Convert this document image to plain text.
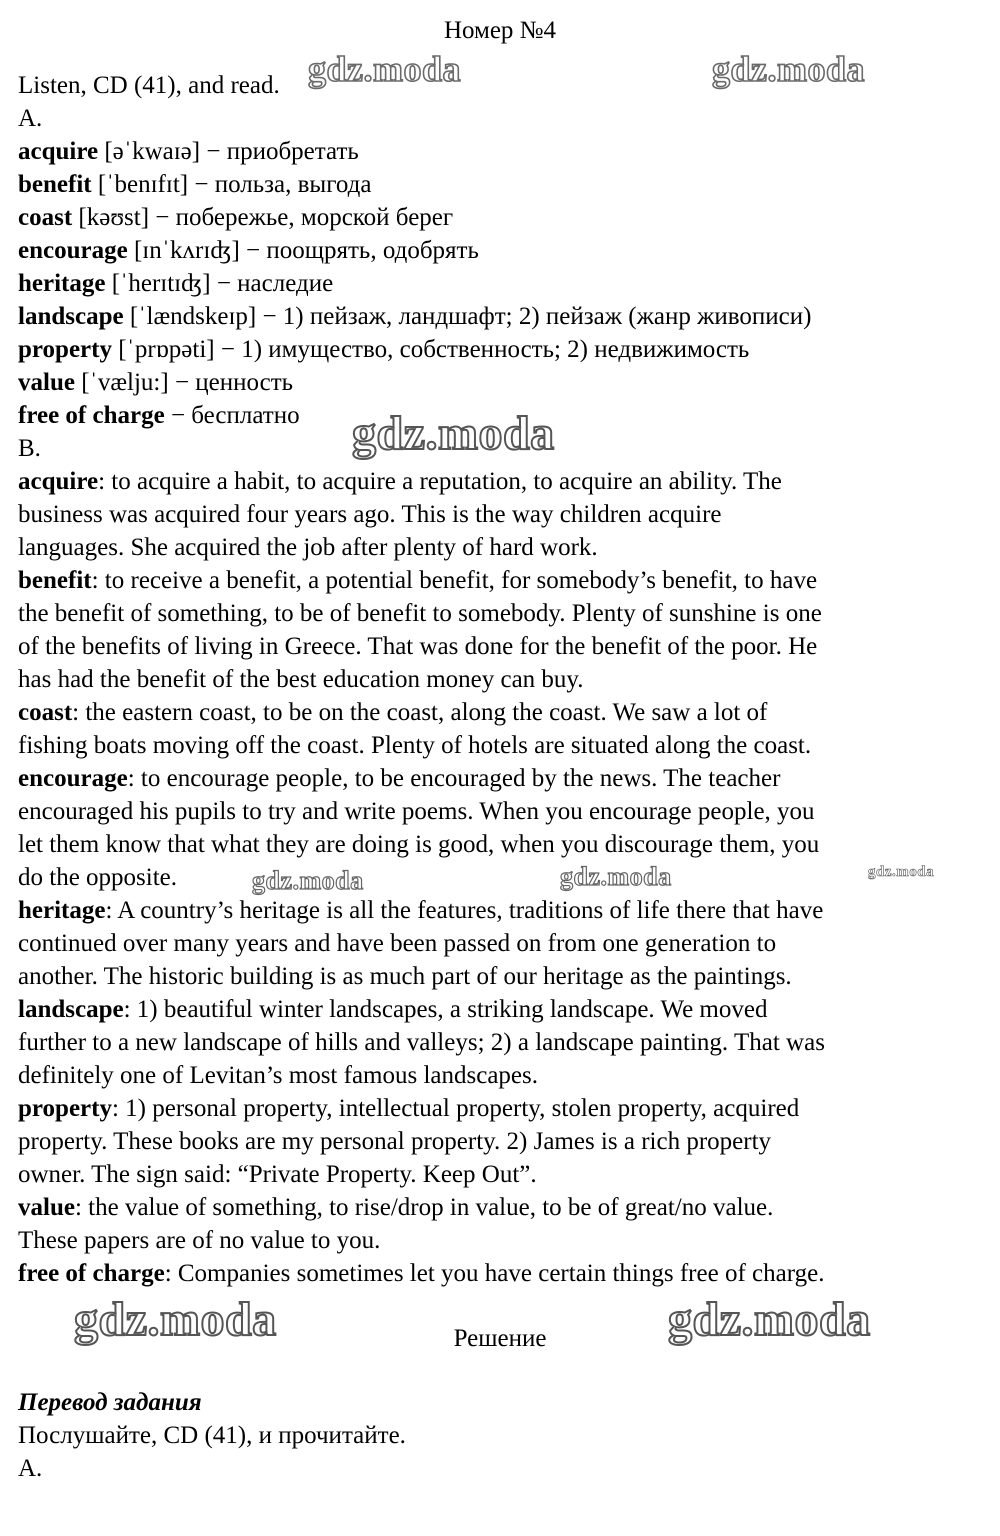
Номер №4
Listen, CD (41), and read.
A.
acquire [əˈkwaɪə] − приобретать
benefit [ˈbenɪfɪt] − польза, выгода
coast [kəʊst] − побережье, морской берег
encourage [ɪnˈkʌrɪʤ] − поощрять, одобрять
heritage [ˈherɪtɪʤ] − наследие
landscape [ˈlændskeɪp] − 1) пейзаж, ландшафт; 2) пейзаж (жанр живописи)
property [ˈprɒpəti] − 1) имущество, собственность; 2) недвижимость
value [ˈvælju:] − ценность
free of charge − бесплатно
B.
acquire: to acquire a habit, to acquire a reputation, to acquire an ability. The
business was acquired four years ago. This is the way children acquire
languages. She acquired the job after plenty of hard work.
benefit: to receive a benefit, a potential benefit, for somebody’s benefit, to have
the benefit of something, to be of benefit to somebody. Plenty of sunshine is one
of the benefits of living in Greece. That was done for the benefit of the poor. He
has had the benefit of the best education money can buy.
coast: the eastern coast, to be on the coast, along the coast. We saw a lot of
fishing boats moving off the coast. Plenty of hotels are situated along the coast.
encourage: to encourage people, to be encouraged by the news. The teacher
encouraged his pupils to try and write poems. When you encourage people, you
let them know that what they are doing is good, when you discourage them, you
do the opposite.
heritage: A country’s heritage is all the features, traditions of life there that have
continued over many years and have been passed on from one generation to
another. The historic building is as much part of our heritage as the paintings.
landscape: 1) beautiful winter landscapes, a striking landscape. We moved
further to a new landscape of hills and valleys; 2) a landscape painting. That was
definitely one of Levitan’s most famous landscapes.
property: 1) personal property, intellectual property, stolen property, acquired
property. These books are my personal property. 2) James is a rich property
owner. The sign said: “Private Property. Keep Out”.
value: the value of something, to rise/drop in value, to be of great/no value.
These papers are of no value to you.
free of charge: Companies sometimes let you have certain things free of charge.
Решение
Перевод задания
Послушайте, CD (41), и прочитайте.
A.
gdz.moda	gdz.moda
gdz.moda
gdz.moda	gdz.moda	gdz.moda
gdz.moda	gdz.moda
